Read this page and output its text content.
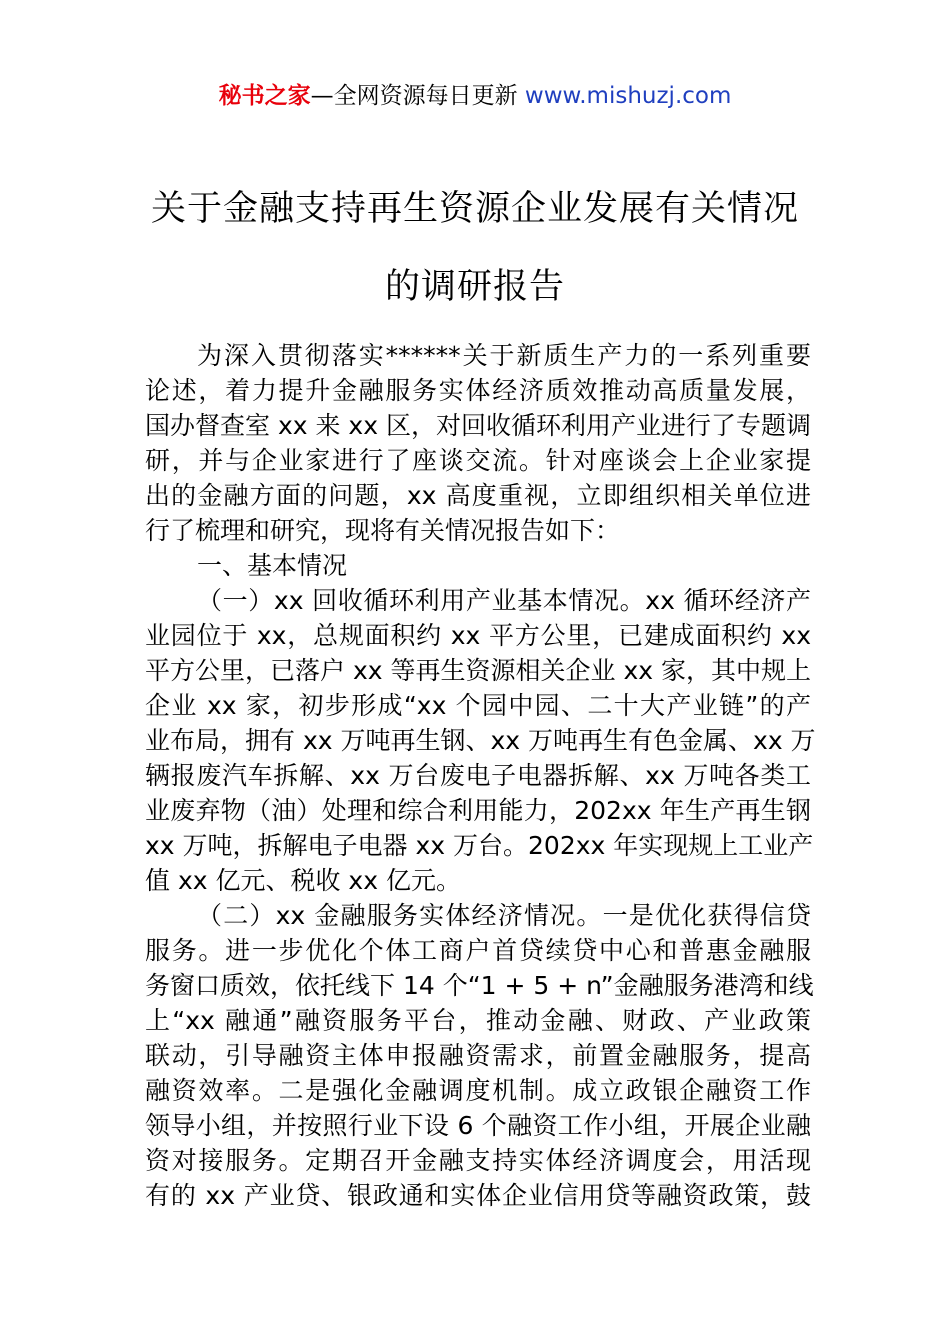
秘书之家—全网资源每日更新 www.mishuzj.com
关于金融支持再生资源企业发展有关情况
的调研报告
为深入贯彻落实******关于新质生产力的一系列重要
论述，着力提升金融服务实体经济质效推动高质量发展，
国办督查室 xx 来 xx 区，对回收循环利用产业进行了专题调
研，并与企业家进行了座谈交流。针对座谈会上企业家提
出的金融方面的问题，xx 高度重视，立即组织相关单位进
行了梳理和研究，现将有关情况报告如下：
一、基本情况
（一）xx 回收循环利用产业基本情况。xx 循环经济产
业园位于 xx，总规面积约 xx 平方公里，已建成面积约 xx
平方公里，已落户 xx 等再生资源相关企业 xx 家，其中规上
企业 xx 家，初步形成“xx 个园中园、二十大产业链”的产
业布局，拥有 xx 万吨再生钢、xx 万吨再生有色金属、xx 万
辆报废汽车拆解、xx 万台废电子电器拆解、xx 万吨各类工
业废弃物（油）处理和综合利用能力，202xx 年生产再生钢
xx 万吨，拆解电子电器 xx 万台。202xx 年实现规上工业产
值 xx 亿元、税收 xx 亿元。
（二）xx 金融服务实体经济情况。一是优化获得信贷
服务。进一步优化个体工商户首贷续贷中心和普惠金融服
务窗口质效，依托线下 14 个“1 + 5 + n”金融服务港湾和线
上“xx 融通”融资服务平台，推动金融、财政、产业政策
联动，引导融资主体申报融资需求，前置金融服务，提高
融资效率。二是强化金融调度机制。成立政银企融资工作
领导小组，并按照行业下设 6 个融资工作小组，开展企业融
资对接服务。定期召开金融支持实体经济调度会，用活现
有的 xx 产业贷、银政通和实体企业信用贷等融资政策，鼓
